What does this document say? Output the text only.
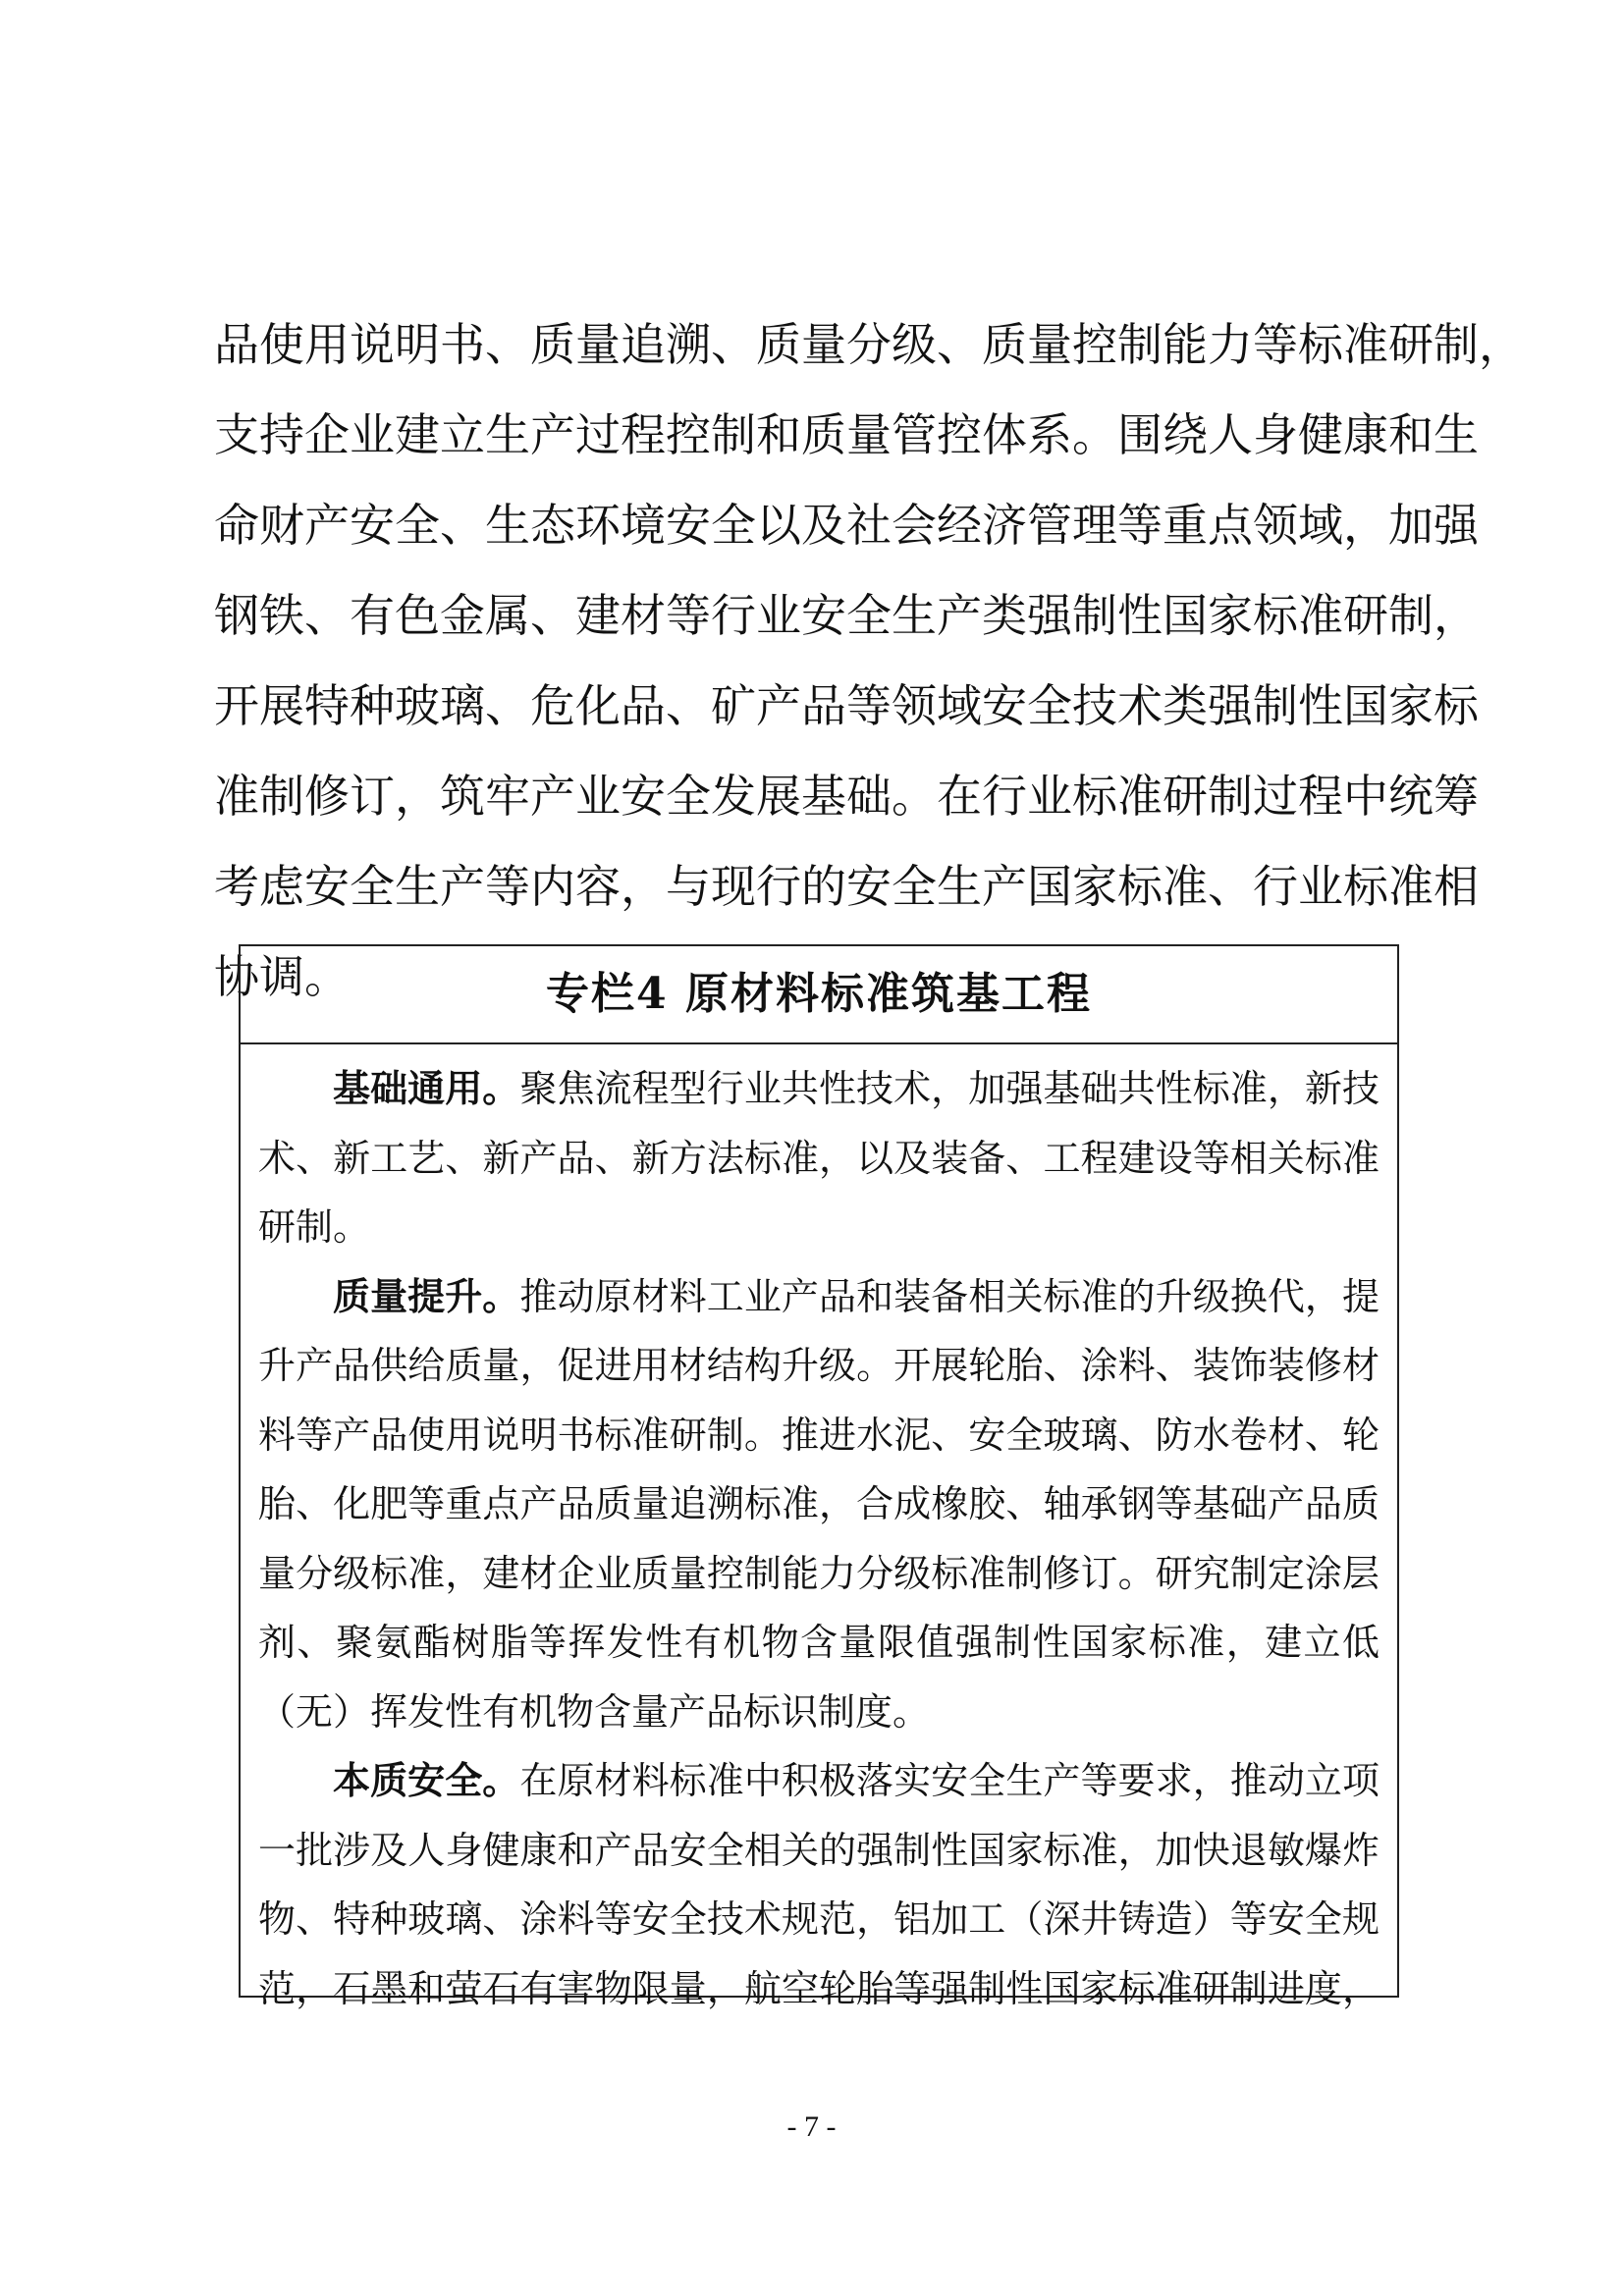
品使用说明书、质量追溯、质量分级、质量控制能力等标准研制，
支持企业建立生产过程控制和质量管控体系。围绕人身健康和生
命财产安全、生态环境安全以及社会经济管理等重点领域，加强
钢铁、有色金属、建材等行业安全生产类强制性国家标准研制，
开展特种玻璃、危化品、矿产品等领域安全技术类强制性国家标
准制修订，筑牢产业安全发展基础。在行业标准研制过程中统筹
考虑安全生产等内容，与现行的安全生产国家标准、行业标准相
协调。	专栏4 原材料标准筑基工程
基础通用。聚焦流程型行业共性技术，加强基础共性标准，新技
术、新工艺、新产品、新方法标准，以及装备、工程建设等相关标准
研制。
质量提升。推动原材料工业产品和装备相关标准的升级换代，提
升产品供给质量，促进用材结构升级。开展轮胎、涂料、装饰装修材
料等产品使用说明书标准研制。推进水泥、安全玻璃、防水卷材、轮
胎、化肥等重点产品质量追溯标准，合成橡胶、轴承钢等基础产品质
量分级标准，建材企业质量控制能力分级标准制修订。研究制定涂层
剂、聚氨酯树脂等挥发性有机物含量限值强制性国家标准，建立低
（无）挥发性有机物含量产品标识制度。
本质安全。在原材料标准中积极落实安全生产等要求，推动立项
一批涉及人身健康和产品安全相关的强制性国家标准，加快退敏爆炸
物、特种玻璃、涂料等安全技术规范，铝加工（深井铸造）等安全规
范，石墨和萤石有害物限量，航空轮胎等强制性国家标准研制进度，
- 7 -
